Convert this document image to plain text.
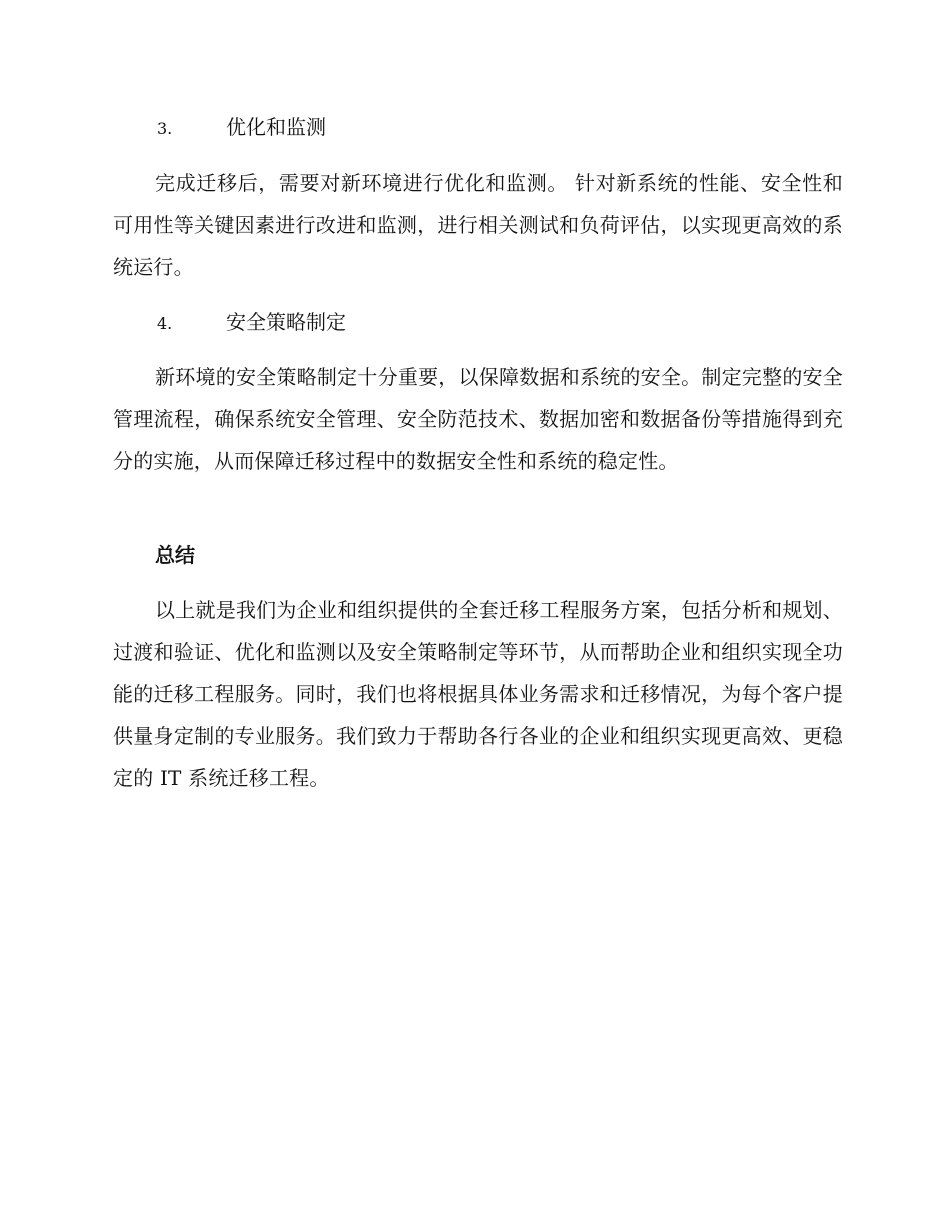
3.	优化和监测

完成迁移后，需要对新环境进行优化和监测。 针对新系统的性能、安全性和可用性等关键因素进行改进和监测，进行相关测试和负荷评估，以实现更高效的系统运行。

4.	安全策略制定

新环境的安全策略制定十分重要，以保障数据和系统的安全。制定完整的安全管理流程，确保系统安全管理、安全防范技术、数据加密和数据备份等措施得到充分的实施，从而保障迁移过程中的数据安全性和系统的稳定性。

总结

以上就是我们为企业和组织提供的全套迁移工程服务方案，包括分析和规划、过渡和验证、优化和监测以及安全策略制定等环节，从而帮助企业和组织实现全功能的迁移工程服务。同时，我们也将根据具体业务需求和迁移情况，为每个客户提供量身定制的专业服务。我们致力于帮助各行各业的企业和组织实现更高效、更稳定的 IT 系统迁移工程。
